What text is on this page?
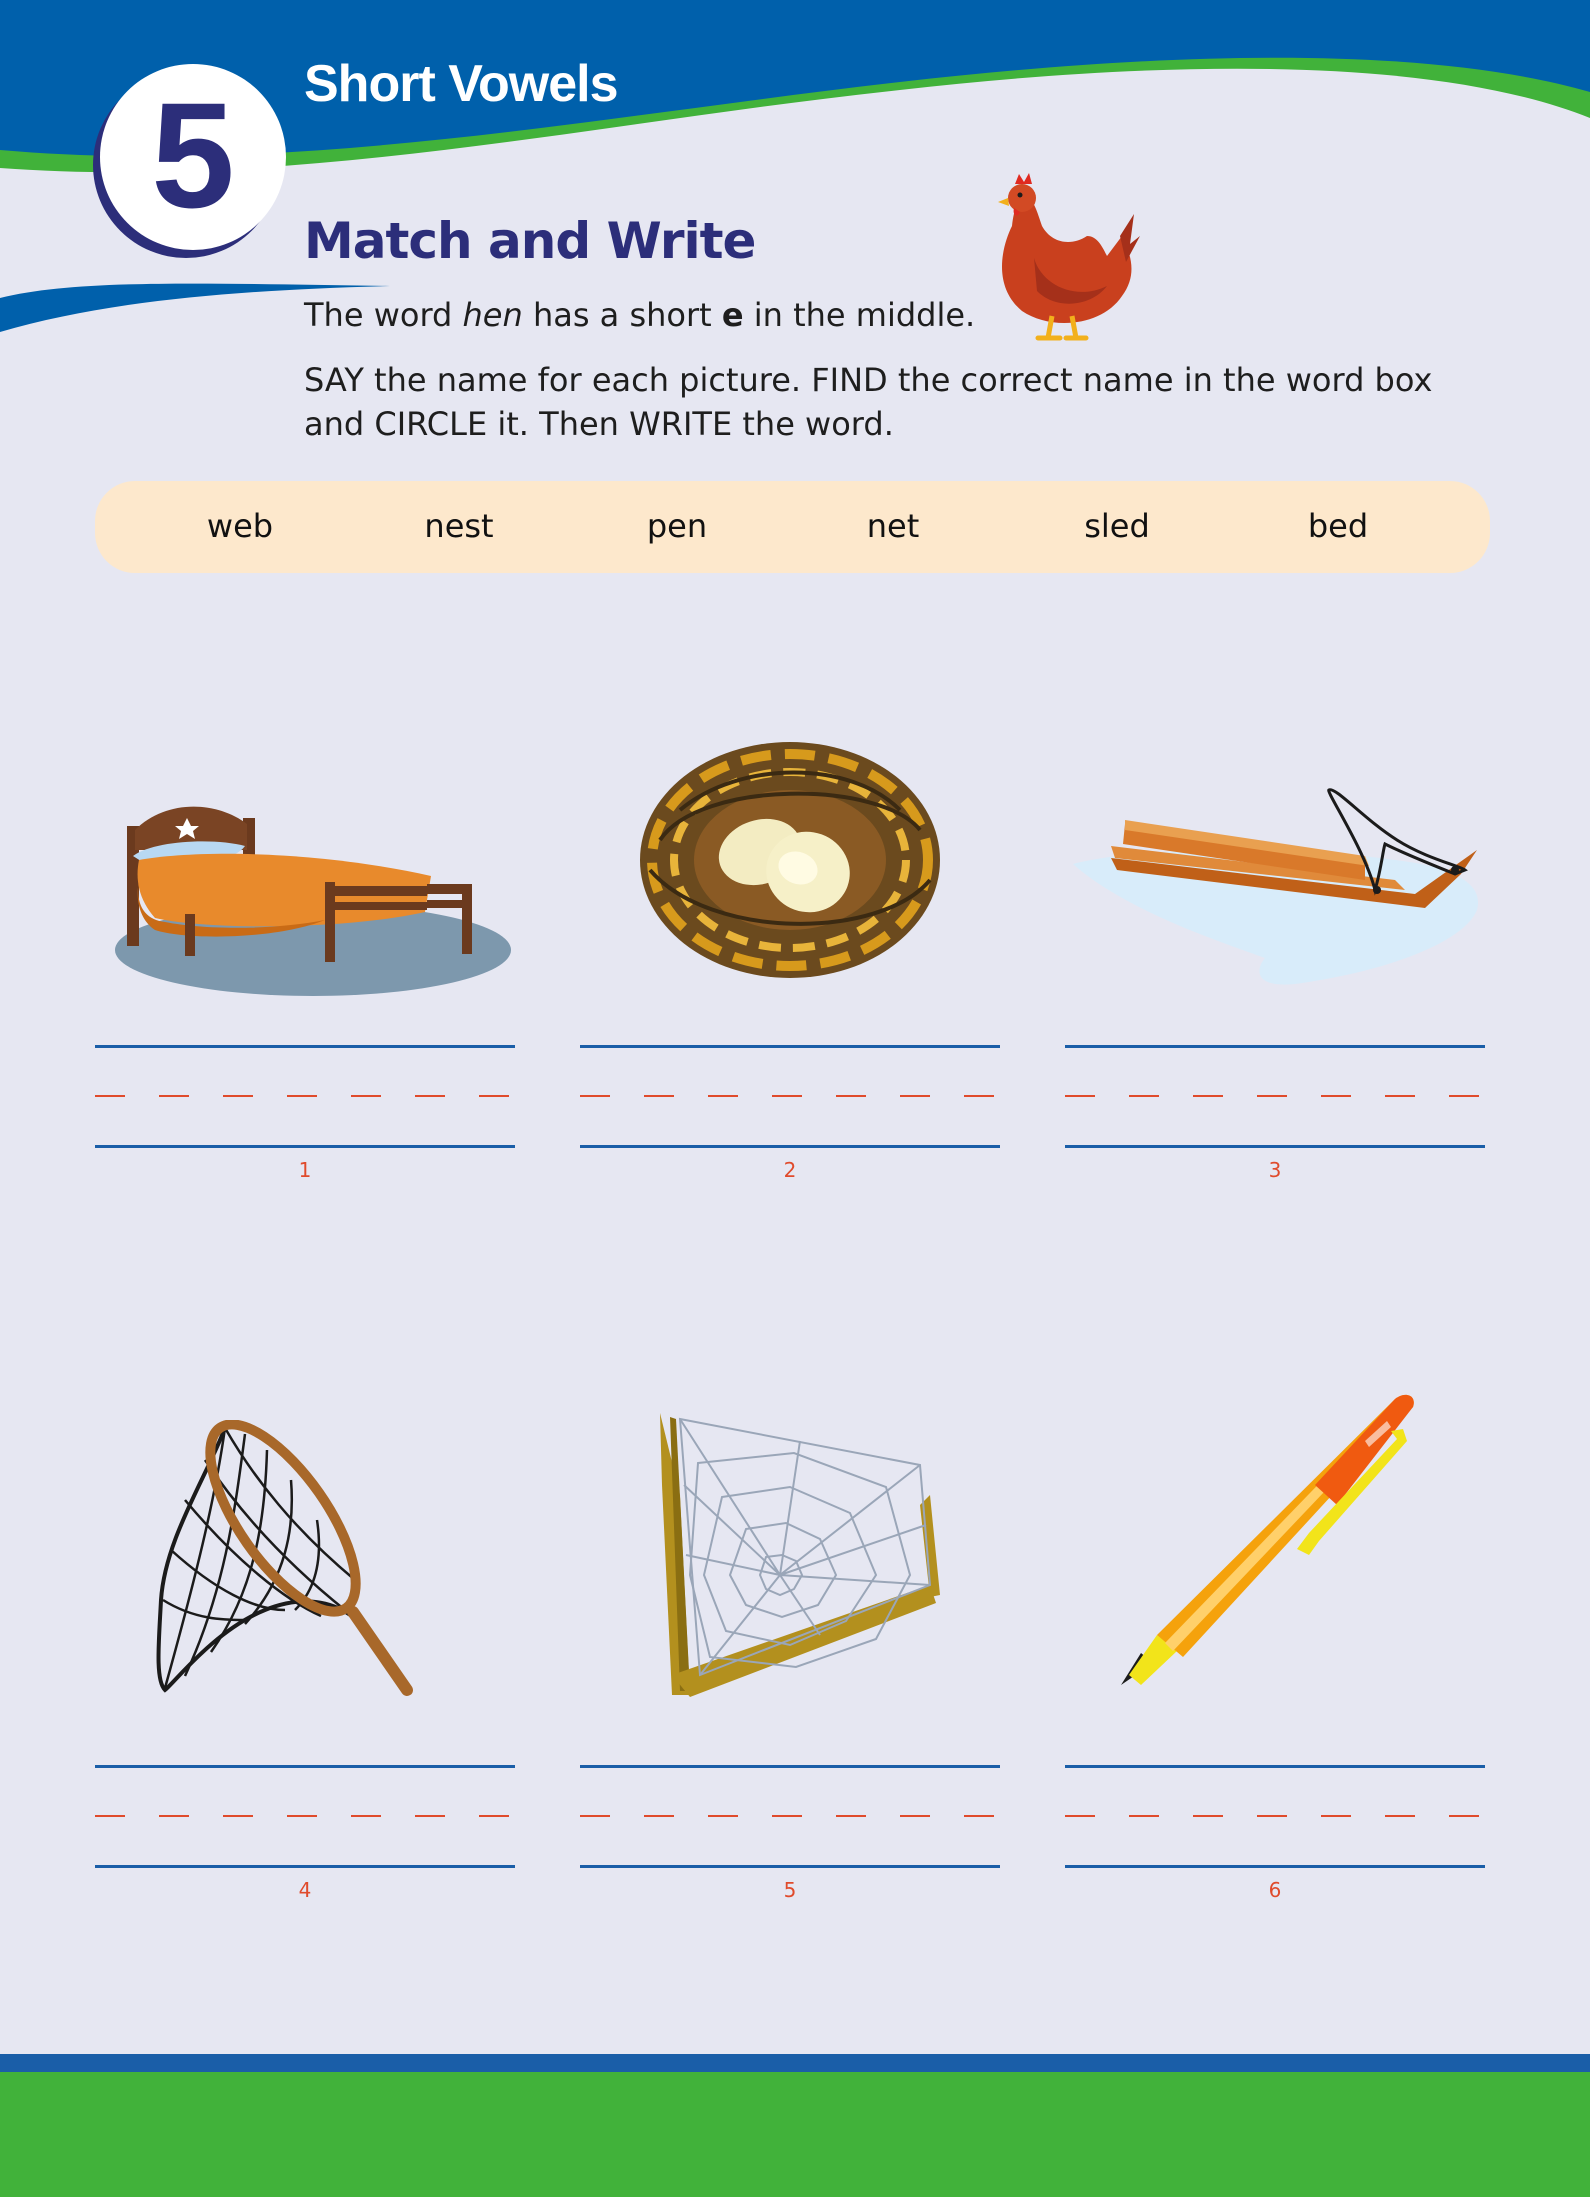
5 Short Vowels
Match and Write
The word hen has a short e in the middle.
SAY the name for each picture. FIND the correct name in the word box and CIRCLE it. Then WRITE the word.
web	nest	pen	net	sled	bed
1	2	3
4	5	6
